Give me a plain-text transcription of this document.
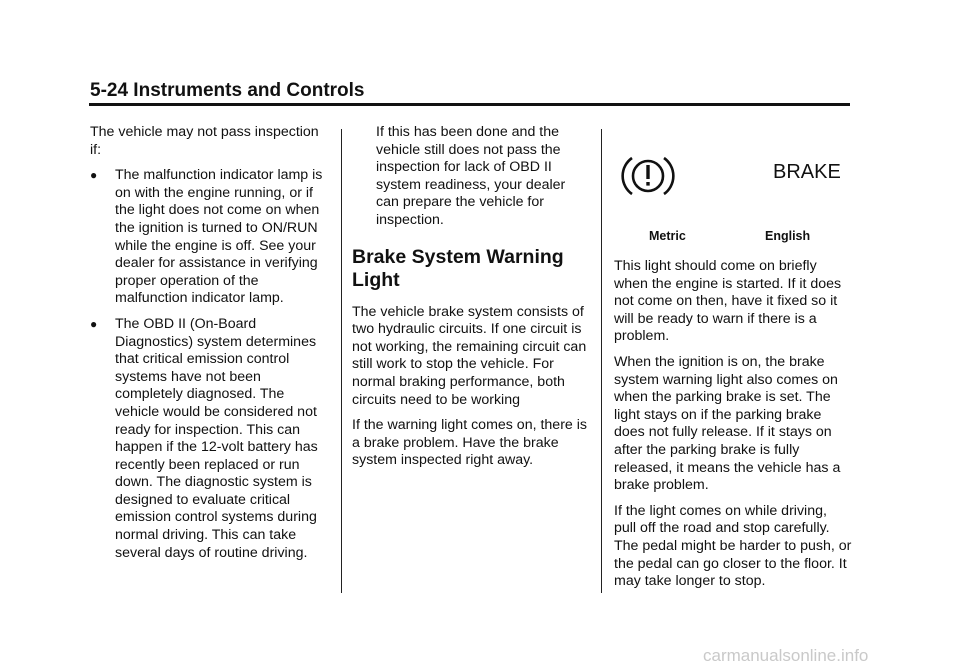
5-24 Instruments and Controls

The vehicle may not pass inspection if:

● The malfunction indicator lamp is on with the engine running, or if the light does not come on when the ignition is turned to ON/RUN while the engine is off. See your dealer for assistance in verifying proper operation of the malfunction indicator lamp.
● The OBD II (On-Board Diagnostics) system determines that critical emission control systems have not been completely diagnosed. The vehicle would be considered not ready for inspection. This can happen if the 12-volt battery has recently been replaced or run down. The diagnostic system is designed to evaluate critical emission control systems during normal driving. This can take several days of routine driving.

If this has been done and the vehicle still does not pass the inspection for lack of OBD II system readiness, your dealer can prepare the vehicle for inspection.

Brake System Warning Light

The vehicle brake system consists of two hydraulic circuits. If one circuit is not working, the remaining circuit can still work to stop the vehicle. For normal braking performance, both circuits need to be working

If the warning light comes on, there is a brake problem. Have the brake system inspected right away.

BRAKE
Metric	English

This light should come on briefly when the engine is started. If it does not come on then, have it fixed so it will be ready to warn if there is a problem.

When the ignition is on, the brake system warning light also comes on when the parking brake is set. The light stays on if the parking brake does not fully release. If it stays on after the parking brake is fully released, it means the vehicle has a brake problem.

If the light comes on while driving, pull off the road and stop carefully. The pedal might be harder to push, or the pedal can go closer to the floor. It may take longer to stop.

carmanualsonline.info
